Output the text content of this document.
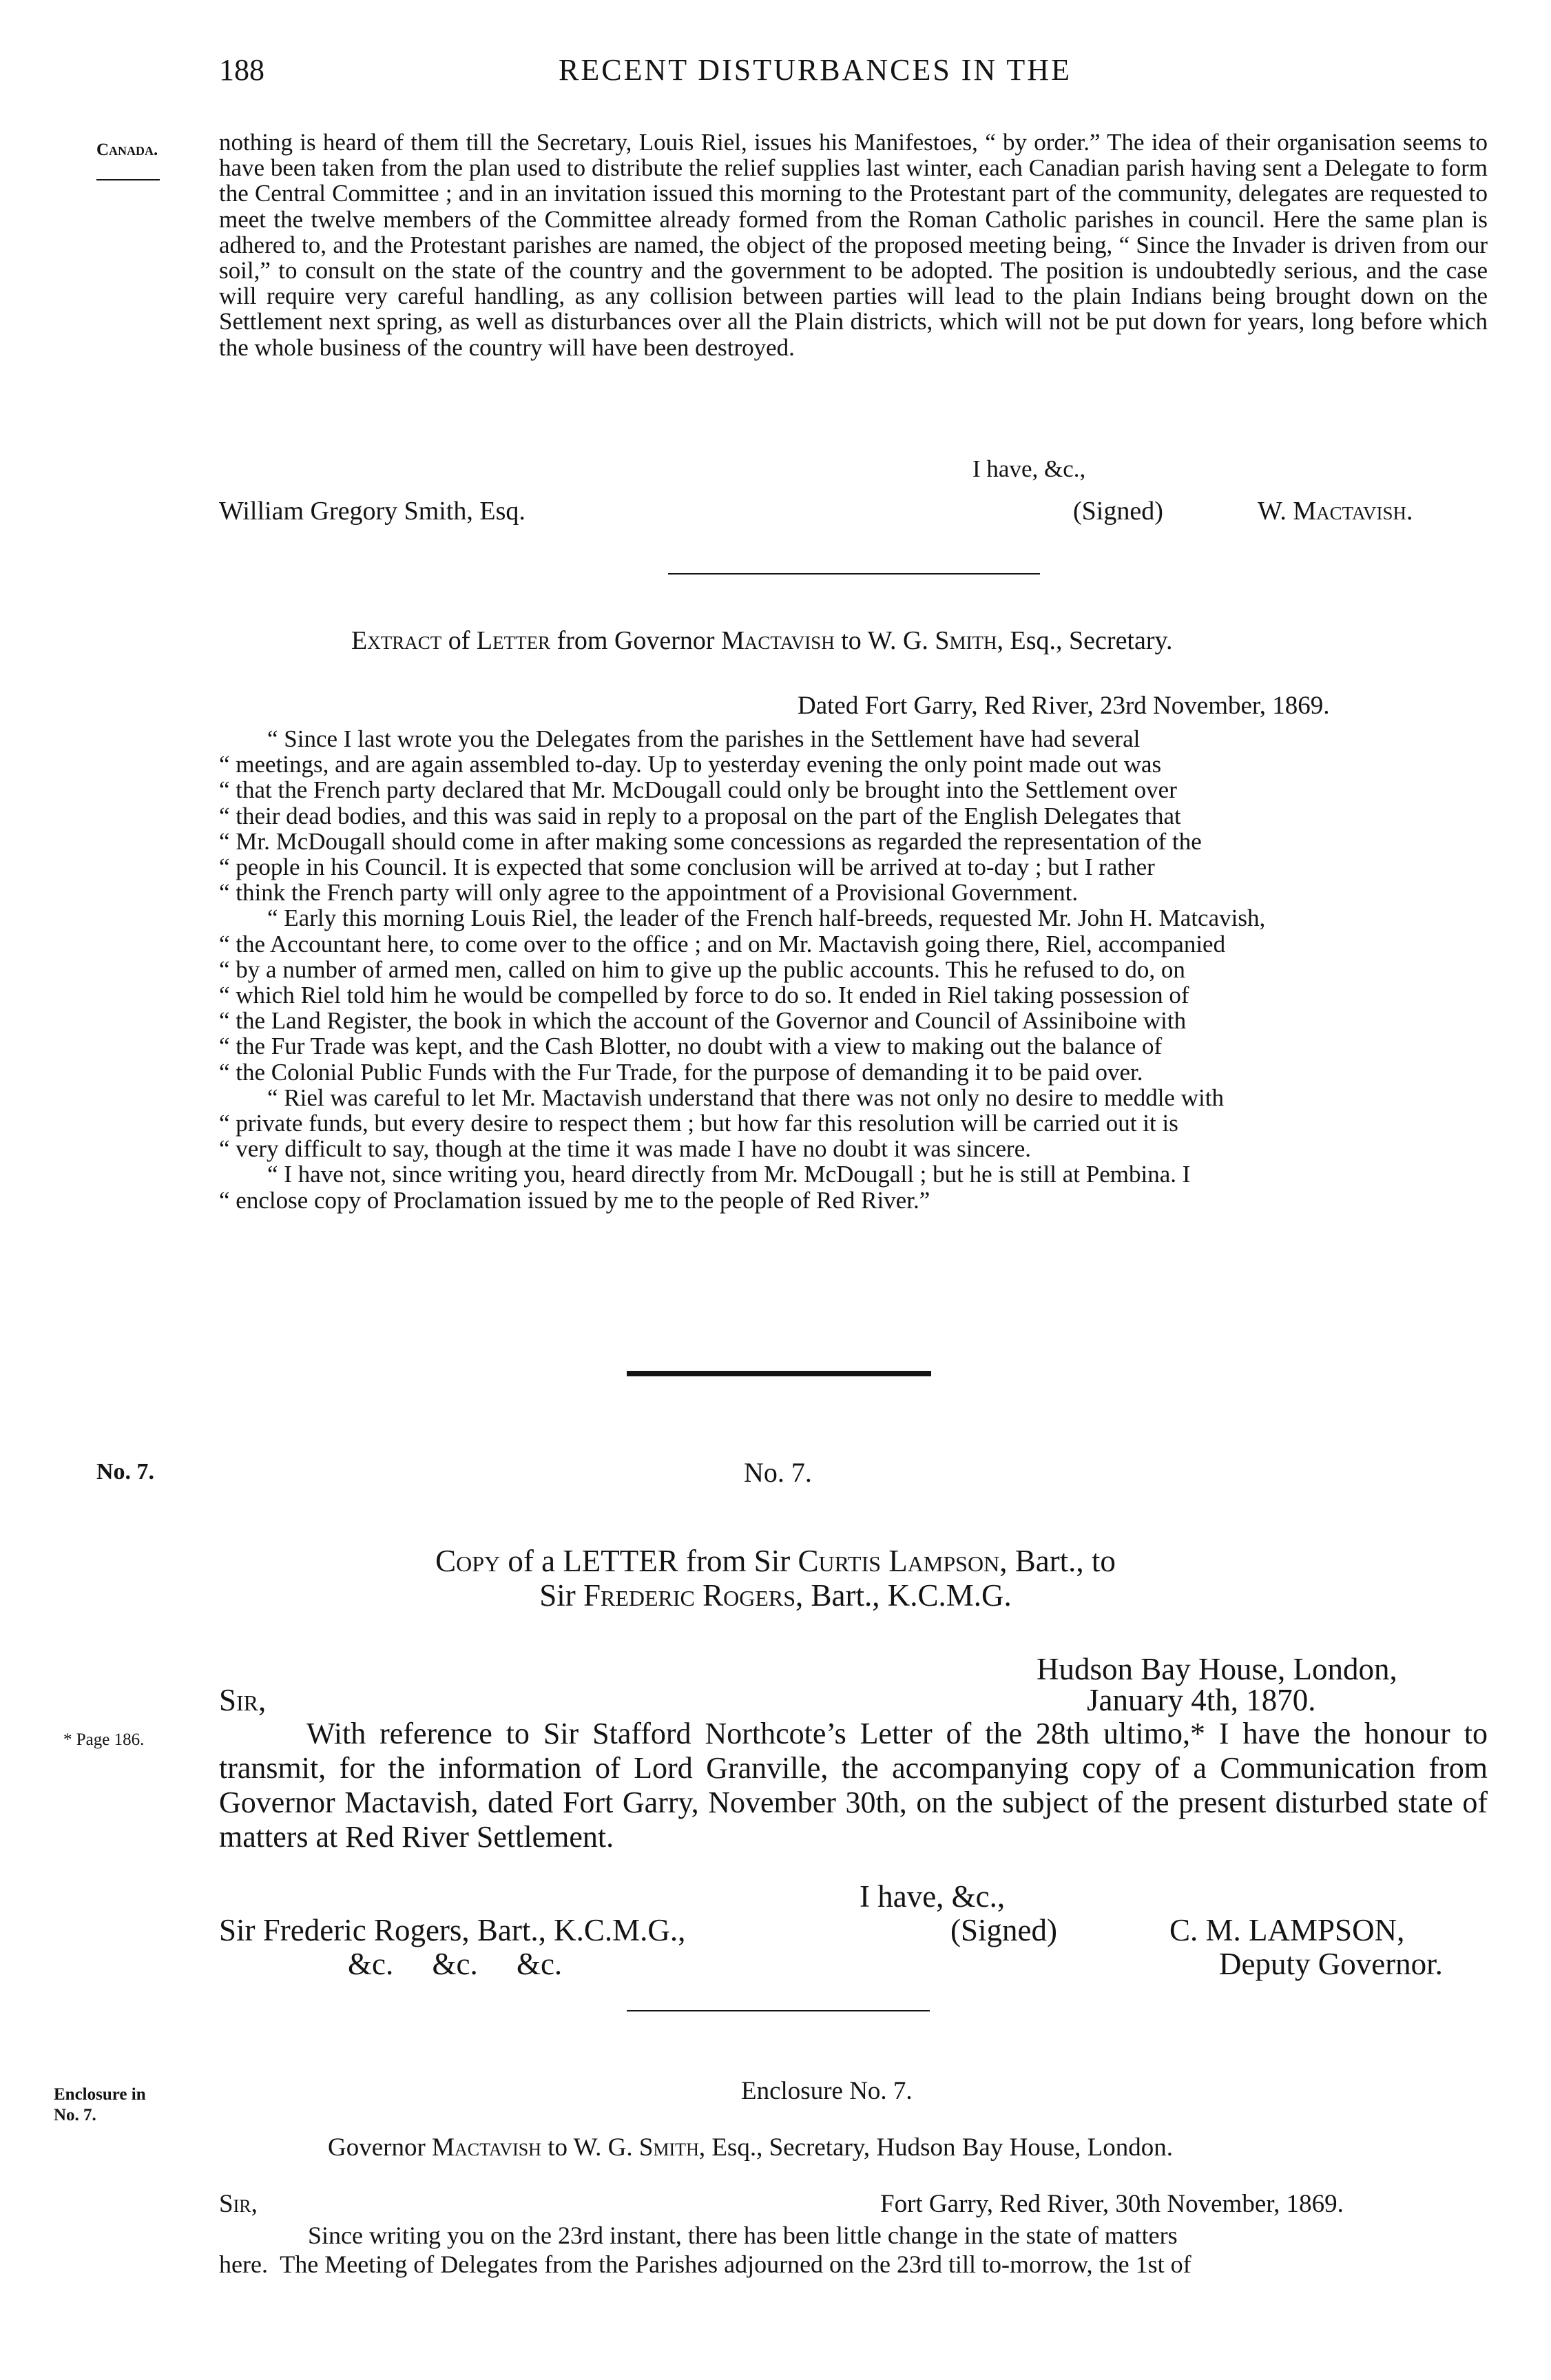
188	RECENT DISTURBANCES IN THE
Canada.	nothing is heard of them till the Secretary, Louis Riel, issues his Manifestoes, “ by order.” The idea of their organisation seems to have been taken from the plan used to distribute the relief supplies last winter, each Canadian parish having sent a Delegate to form the Central Committee ; and in an invitation issued this morning to the Protestant part of the community, delegates are requested to meet the twelve members of the Committee already formed from the Roman Catholic parishes in council. Here the same plan is adhered to, and the Protestant parishes are named, the object of the proposed meeting being, “ Since the Invader is driven from our soil,” to consult on the state of the country and the government to be adopted. The position is undoubtedly serious, and the case will require very careful handling, as any collision between parties will lead to the plain Indians being brought down on the Settlement next spring, as well as disturbances over all the Plain districts, which will not be put down for years, long before which the whole business of the country will have been destroyed.

I have, &c.,
William Gregory Smith, Esq.	(Signed)	W. Mactavish.
Extract of Letter from Governor Mactavish to W. G. Smith, Esq., Secretary.
Dated Fort Garry, Red River, 23rd November, 1869.
“ Since I last wrote you the Delegates from the parishes in the Settlement have had several
“ meetings, and are again assembled to-day. Up to yesterday evening the only point made out was
“ that the French party declared that Mr. McDougall could only be brought into the Settlement over
“ their dead bodies, and this was said in reply to a proposal on the part of the English Delegates that
“ Mr. McDougall should come in after making some concessions as regarded the representation of the
“ people in his Council. It is expected that some conclusion will be arrived at to-day ; but I rather
“ think the French party will only agree to the appointment of a Provisional Government.
“ Early this morning Louis Riel, the leader of the French half-breeds, requested Mr. John H. Matcavish,
“ the Accountant here, to come over to the office ; and on Mr. Mactavish going there, Riel, accompanied
“ by a number of armed men, called on him to give up the public accounts. This he refused to do, on
“ which Riel told him he would be compelled by force to do so. It ended in Riel taking possession of
“ the Land Register, the book in which the account of the Governor and Council of Assiniboine with
“ the Fur Trade was kept, and the Cash Blotter, no doubt with a view to making out the balance of
“ the Colonial Public Funds with the Fur Trade, for the purpose of demanding it to be paid over.
“ Riel was careful to let Mr. Mactavish understand that there was not only no desire to meddle with
“ private funds, but every desire to respect them ; but how far this resolution will be carried out it is
“ very difficult to say, though at the time it was made I have no doubt it was sincere.
“ I have not, since writing you, heard directly from Mr. McDougall ; but he is still at Pembina. I
“ enclose copy of Proclamation issued by me to the people of Red River.”
No. 7.	No. 7.
Copy of a LETTER from Sir Curtis Lampson, Bart., to
Sir Frederic Rogers, Bart., K.C.M.G.
Hudson Bay House, London,
Sir,	January 4th, 1870.
* Page 186.	With reference to Sir Stafford Northcote’s Letter of the 28th ultimo,* I have the honour to transmit, for the information of Lord Granville, the accompanying copy of a Communication from Governor Mactavish, dated Fort Garry, November 30th, on the subject of the present disturbed state of matters at Red River Settlement.
I have, &c.,
Sir Frederic Rogers, Bart., K.C.M.G.,	(Signed)	C. M. LAMPSON,
&c.     &c.     &c.	Deputy Governor.
Enclosure in
No. 7.
Enclosure No. 7.
Governor Mactavish to W. G. Smith, Esq., Secretary, Hudson Bay House, London.
Sir,	Fort Garry, Red River, 30th November, 1869.
Since writing you on the 23rd instant, there has been little change in the state of matters
here.  The Meeting of Delegates from the Parishes adjourned on the 23rd till to-morrow, the 1st of
